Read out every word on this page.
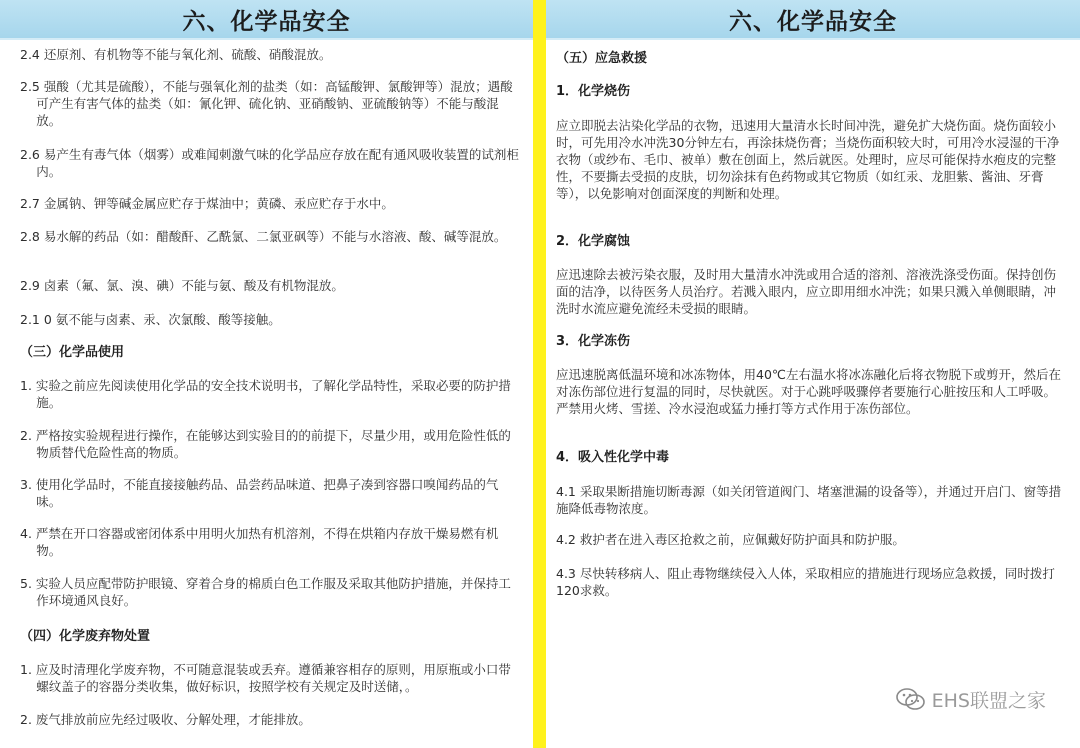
六、化学品安全
2.4 还原剂、有机物等不能与氧化剂、硫酸、硝酸混放。
2.5 强酸（尤其是硫酸），不能与强氧化剂的盐类（如：高锰酸钾、氯酸钾等）混放；遇酸可产生有害气体的盐类（如：氰化钾、硫化钠、亚硝酸钠、亚硫酸钠等）不能与酸混放。
2.6 易产生有毒气体（烟雾）或难闻刺激气味的化学品应存放在配有通风吸收装置的试剂柜内。
2.7 金属钠、钾等碱金属应贮存于煤油中；黄磷、汞应贮存于水中。
2.8 易水解的药品（如：醋酸酐、乙酰氯、二氯亚砜等）不能与水溶液、酸、碱等混放。
2.9 卤素（氟、氯、溴、碘）不能与氨、酸及有机物混放。
2.1 0 氨不能与卤素、汞、次氯酸、酸等接触。
（三）化学品使用
1. 实验之前应先阅读使用化学品的安全技术说明书，了解化学品特性，采取必要的防护措施。
2. 严格按实验规程进行操作，在能够达到实验目的的前提下，尽量少用，或用危险性低的物质替代危险性高的物质。
3. 使用化学品时，不能直接接触药品、品尝药品味道、把鼻子凑到容器口嗅闻药品的气味。
4. 严禁在开口容器或密闭体系中用明火加热有机溶剂，不得在烘箱内存放干燥易燃有机物。
5. 实验人员应配带防护眼镜、穿着合身的棉质白色工作服及采取其他防护措施，并保持工作环境通风良好。
（四）化学废弃物处置
1. 应及时清理化学废弃物，不可随意混装或丢弃。遵循兼容相存的原则，用原瓶或小口带螺纹盖子的容器分类收集，做好标识，按照学校有关规定及时送储，。
2. 废气排放前应先经过吸收、分解处理，才能排放。
六、化学品安全
（五）应急救援
1．化学烧伤
应立即脱去沾染化学品的衣物，迅速用大量清水长时间冲洗，避免扩大烧伤面。烧伤面较小时，可先用冷水冲洗30分钟左右，再涂抹烧伤膏；当烧伤面积较大时，可用冷水浸湿的干净衣物（或纱布、毛巾、被单）敷在创面上，然后就医。处理时，应尽可能保持水疱皮的完整性，不要撕去受损的皮肤，切勿涂抹有色药物或其它物质（如红汞、龙胆紫、酱油、牙膏等），以免影响对创面深度的判断和处理。
2．化学腐蚀
应迅速除去被污染衣服，及时用大量清水冲洗或用合适的溶剂、溶液洗涤受伤面。保持创伤面的洁净，以待医务人员治疗。若溅入眼内，应立即用细水冲洗；如果只溅入单侧眼睛，冲洗时水流应避免流经未受损的眼睛。
3．化学冻伤
应迅速脱离低温环境和冰冻物体，用40℃左右温水将冰冻融化后将衣物脱下或剪开，然后在对冻伤部位进行复温的同时，尽快就医。对于心跳呼吸骤停者要施行心脏按压和人工呼吸。严禁用火烤、雪搓、冷水浸泡或猛力捶打等方式作用于冻伤部位。
4．吸入性化学中毒
4.1 采取果断措施切断毒源（如关闭管道阀门、堵塞泄漏的设备等），并通过开启门、窗等措施降低毒物浓度。
4.2 救护者在进入毒区抢救之前，应佩戴好防护面具和防护服。
4.3 尽快转移病人、阻止毒物继续侵入人体，采取相应的措施进行现场应急救援，同时拨打120求救。
EHS联盟之家
